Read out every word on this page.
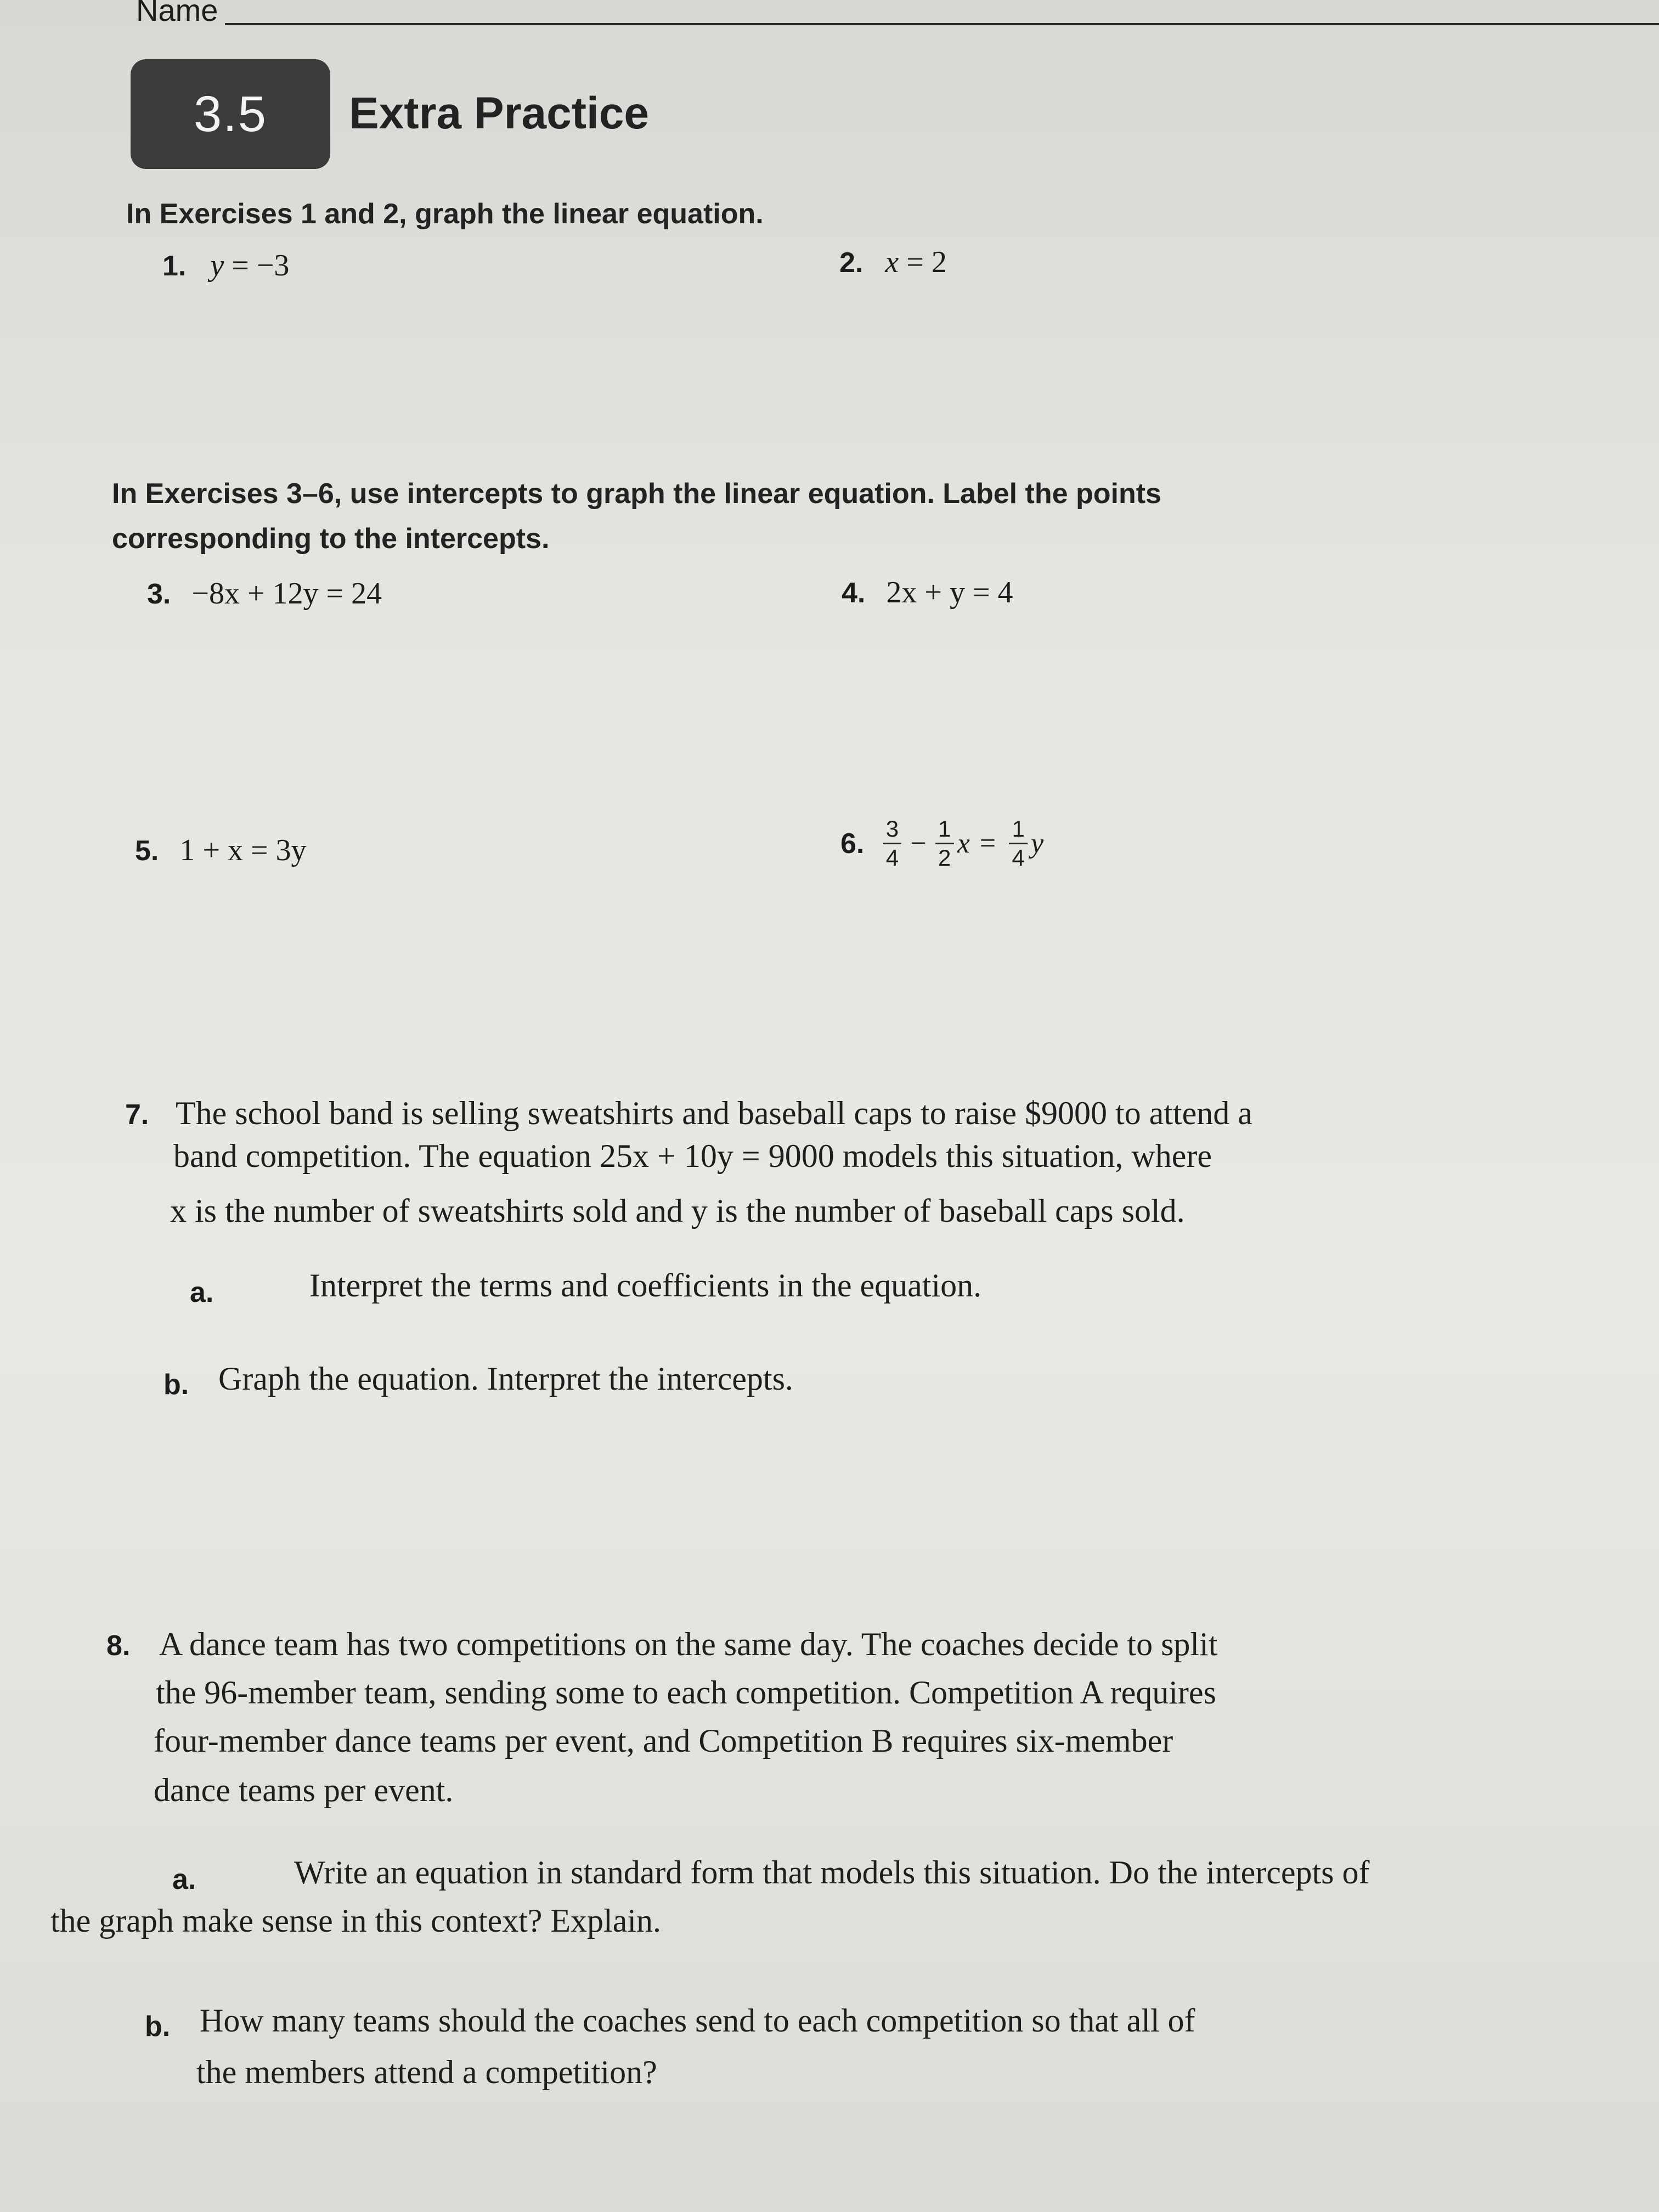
Name
3.5	Extra Practice
In Exercises 1 and 2, graph the linear equation.
1. y = −3	2. x = 2
In Exercises 3–6, use intercepts to graph the linear equation. Label the points
corresponding to the intercepts.
3. −8x + 12y = 24	4. 2x + y = 4
5. 1 + x = 3y	6. $\frac{3}{4} - \frac{1}{2}$ $x = \frac{1}{4}$ y
7. The school band is selling sweatshirts and baseball caps to raise $9000 to attend a
band competition. The equation 25x + 10y = 9000 models this situation, where
x is the number of sweatshirts sold and y is the number of baseball caps sold.
a.	Interpret the terms and coefficients in the equation.
b. Graph the equation. Interpret the intercepts.
8. A dance team has two competitions on the same day. The coaches decide to split
the 96-member team, sending some to each competition. Competition A requires
four-member dance teams per event, and Competition B requires six-member
dance teams per event.
a.	Write an equation in standard form that models this situation. Do the intercepts of
the graph make sense in this context? Explain.
b. How many teams should the coaches send to each competition so that all of
the members attend a competition?
